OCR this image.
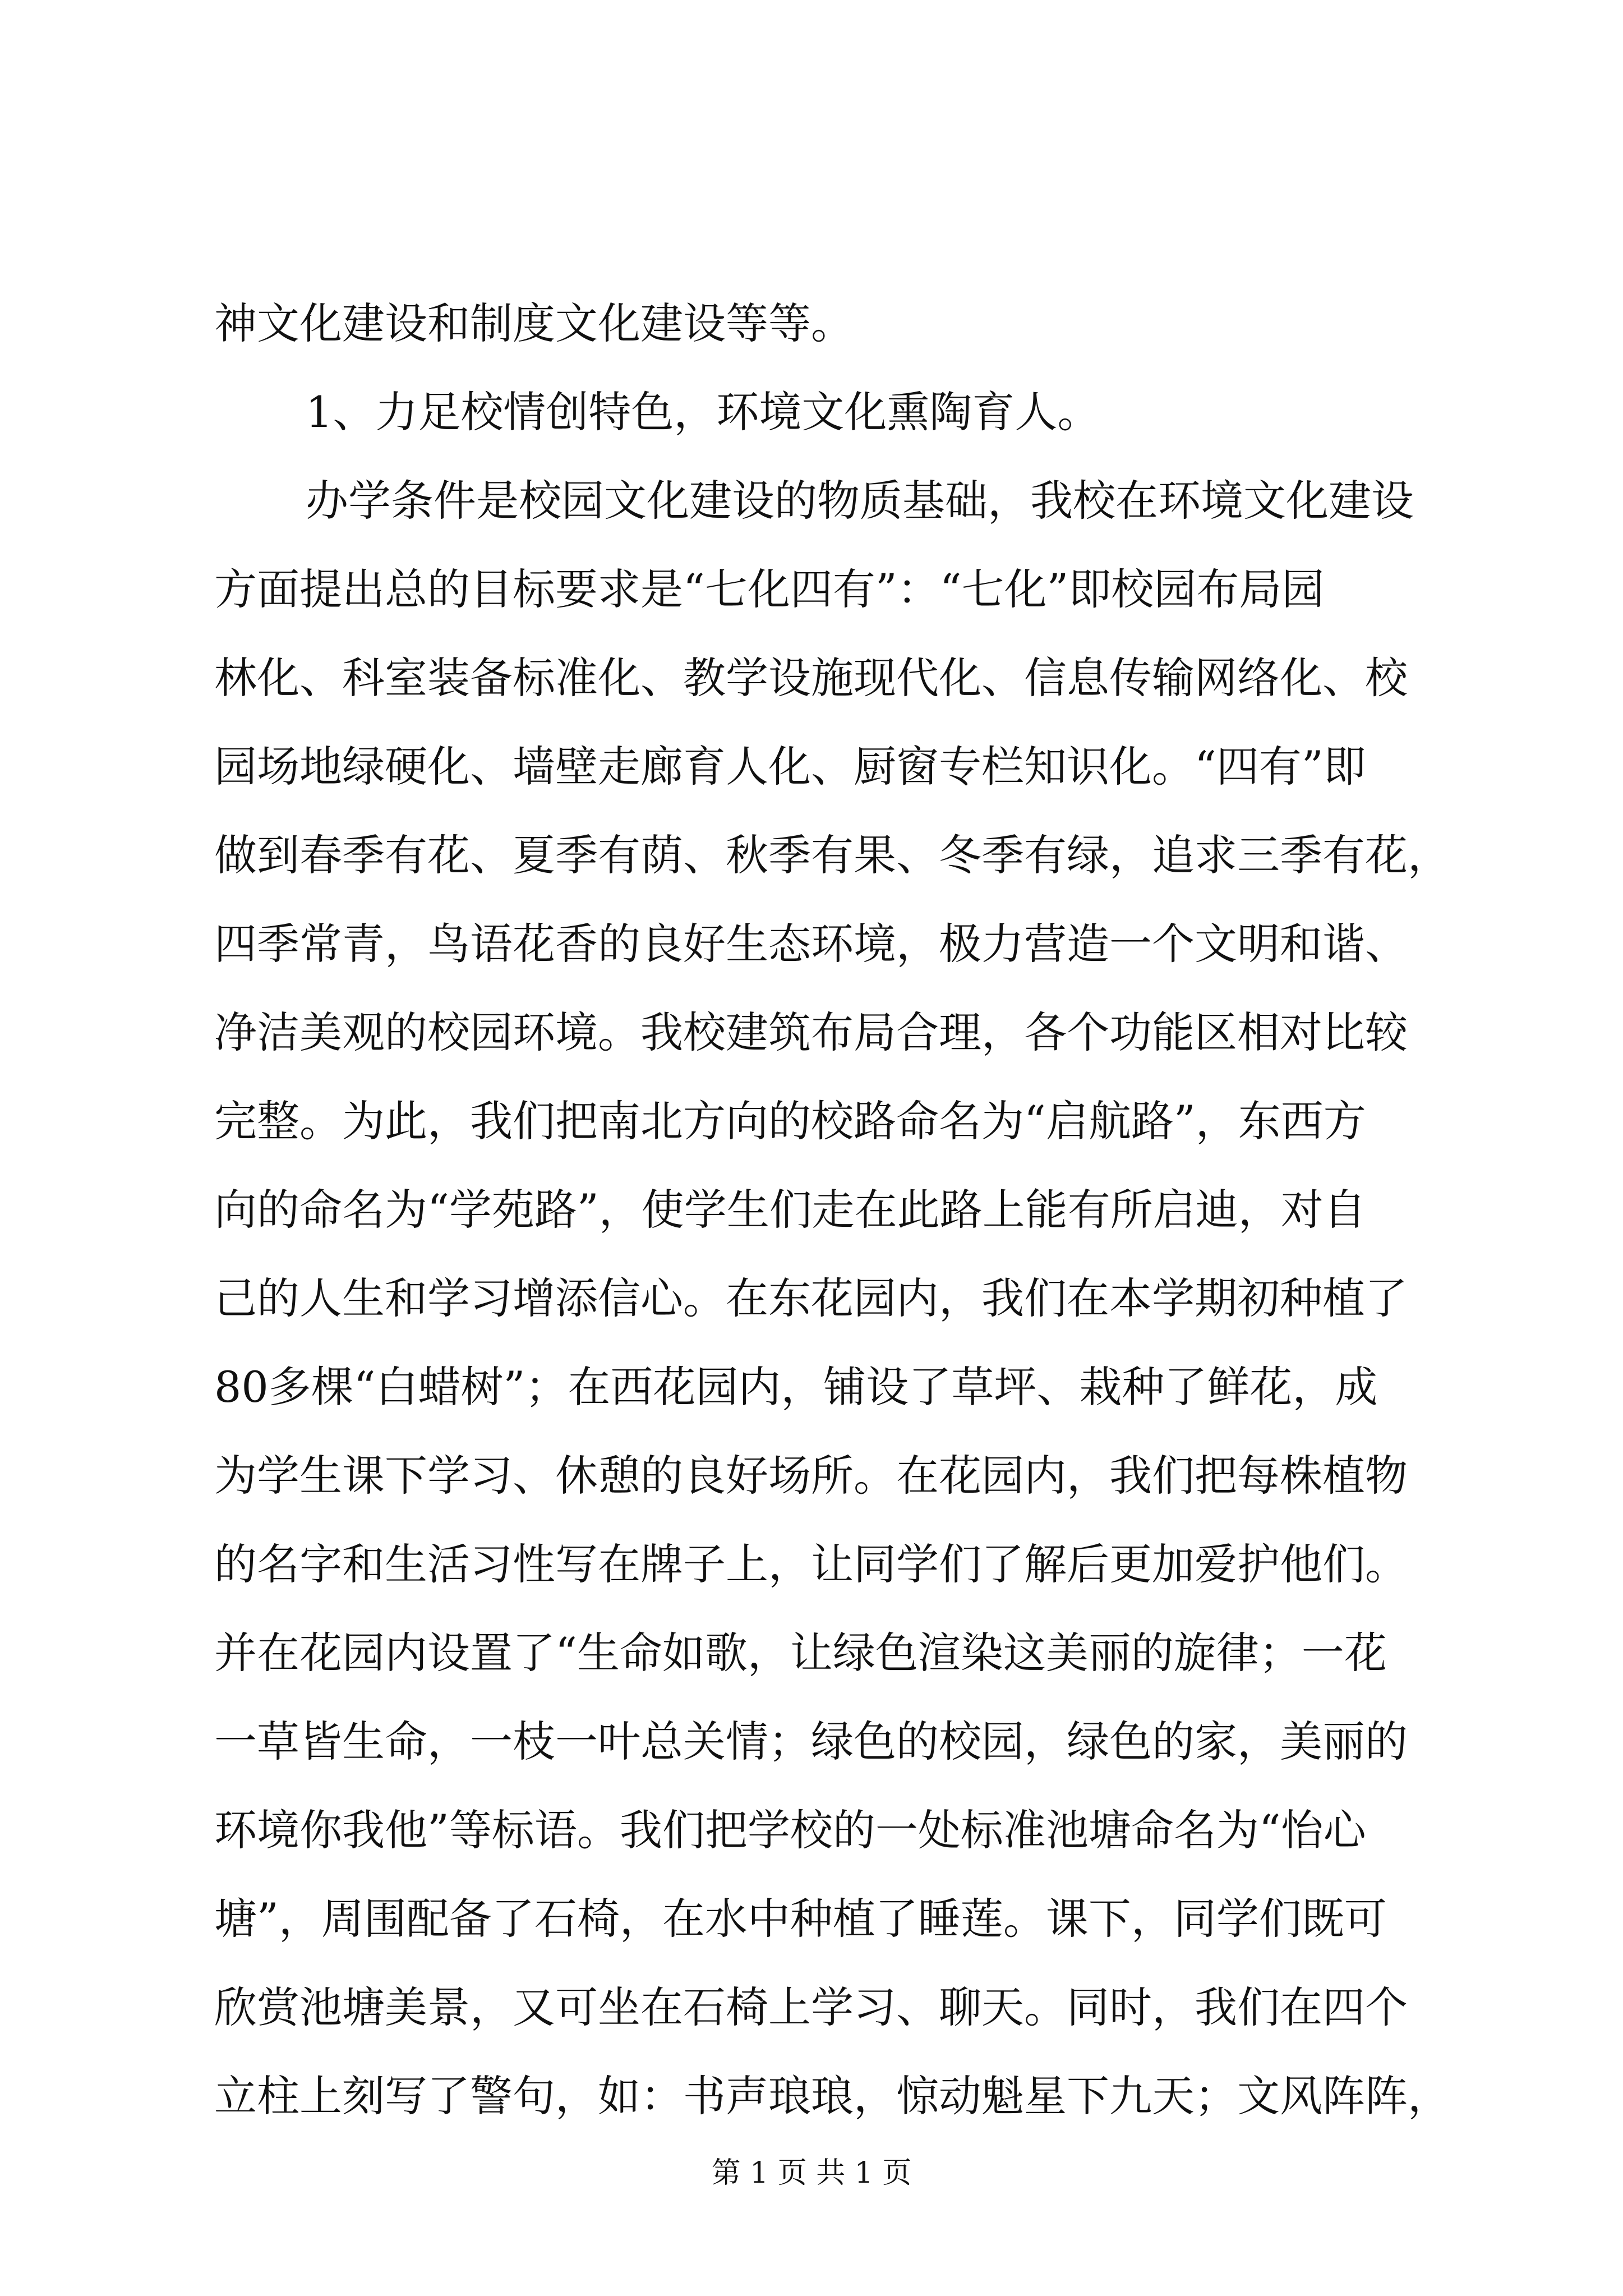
神文化建设和制度文化建设等等。
1、力足校情创特色，环境文化熏陶育人。
办学条件是校园文化建设的物质基础，我校在环境文化建设
方面提出总的目标要求是“七化四有”：“七化”即校园布局园
林化、科室装备标准化、教学设施现代化、信息传输网络化、校
园场地绿硬化、墙壁走廊育人化、厨窗专栏知识化。“四有”即
做到春季有花、夏季有荫、秋季有果、冬季有绿，追求三季有花，
四季常青，鸟语花香的良好生态环境，极力营造一个文明和谐、
净洁美观的校园环境。我校建筑布局合理，各个功能区相对比较
完整。为此，我们把南北方向的校路命名为“启航路”，东西方
向的命名为“学苑路”，使学生们走在此路上能有所启迪，对自
己的人生和学习增添信心。在东花园内，我们在本学期初种植了
80多棵“白蜡树”；在西花园内，铺设了草坪、栽种了鲜花，成
为学生课下学习、休憩的良好场所。在花园内，我们把每株植物
的名字和生活习性写在牌子上，让同学们了解后更加爱护他们。
并在花园内设置了“生命如歌，让绿色渲染这美丽的旋律；一花
一草皆生命，一枝一叶总关情；绿色的校园，绿色的家，美丽的
环境你我他”等标语。我们把学校的一处标准池塘命名为“怡心
塘”，周围配备了石椅，在水中种植了睡莲。课下，同学们既可
欣赏池塘美景，又可坐在石椅上学习、聊天。同时，我们在四个
立柱上刻写了警句，如：书声琅琅，惊动魁星下九天；文风阵阵，
第 1 页 共 1 页
